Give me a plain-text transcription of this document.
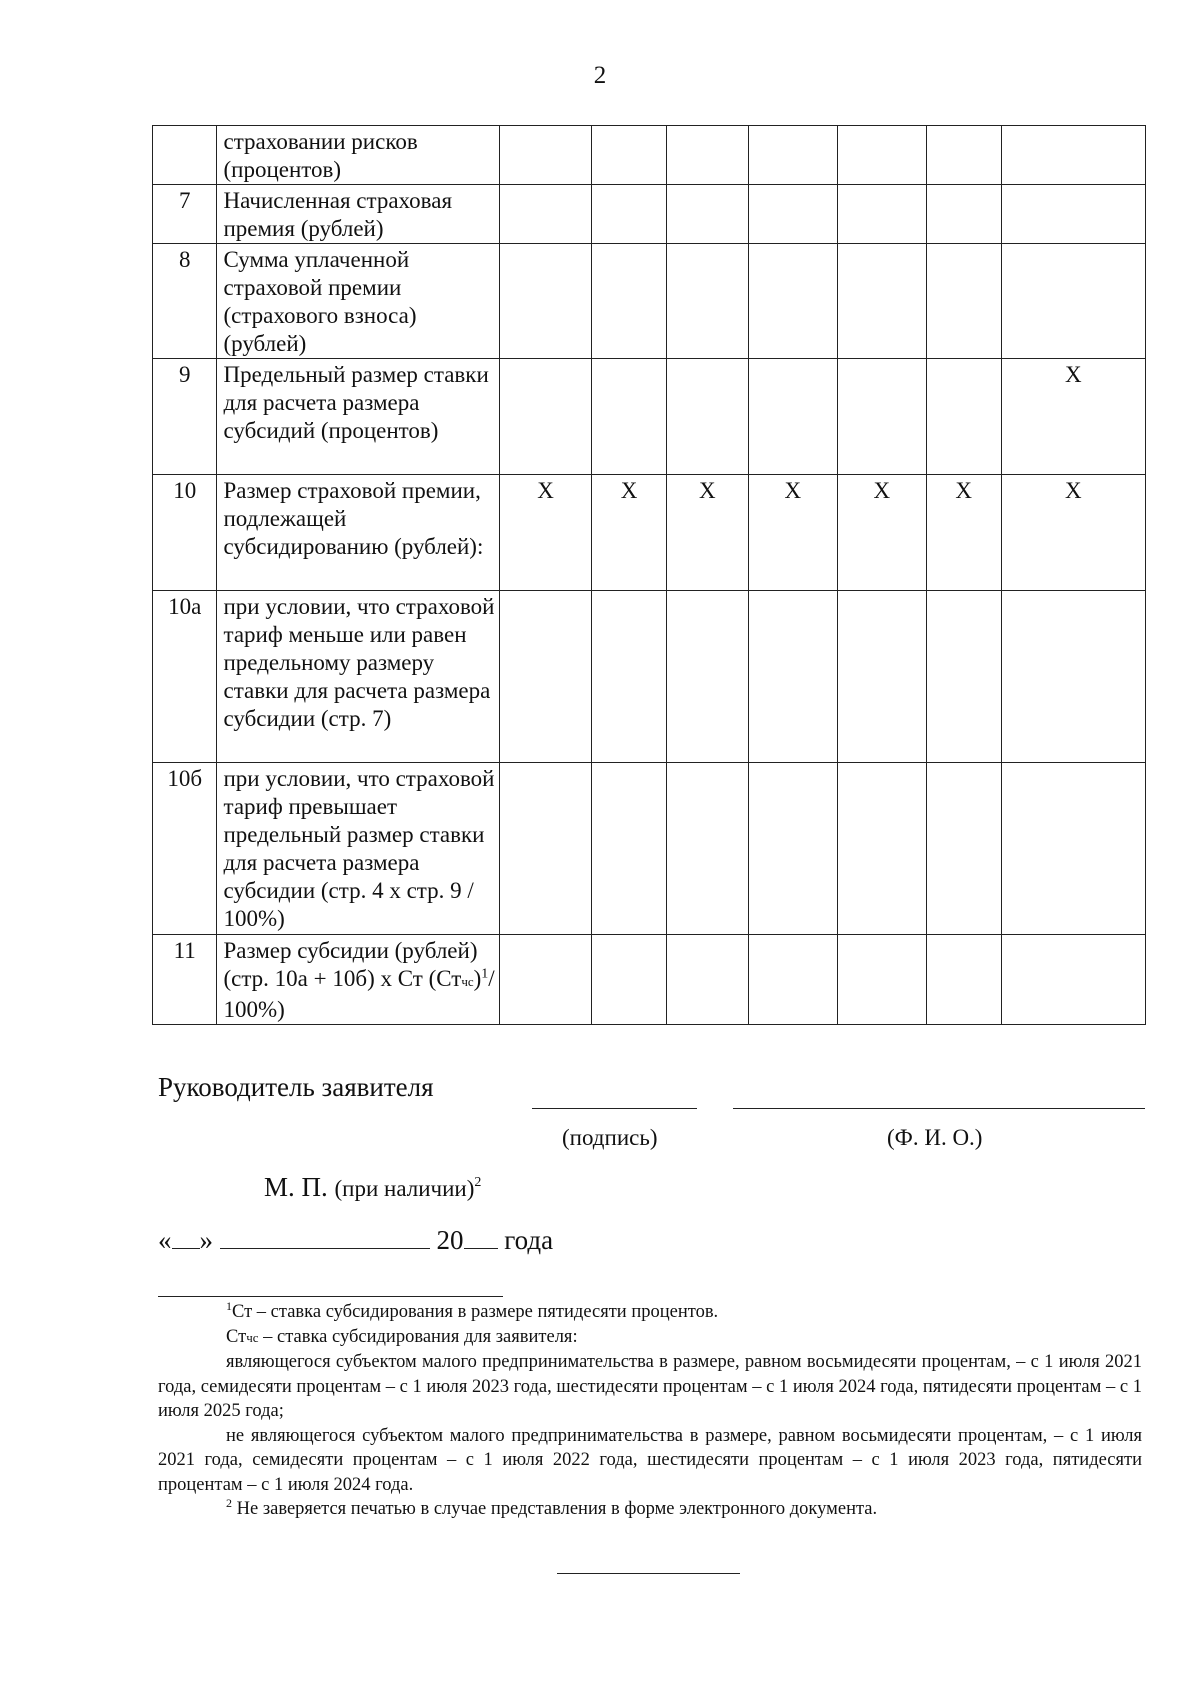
2
	страховании рисков (процентов)							
7	Начисленная страховая премия (рублей)							
8	Сумма уплаченной страховой премии (страхового взноса) (рублей)							
9	Предельный размер ставки для расчета размера субсидий (процентов)							Х
10	Размер страховой премии, подлежащей субсидированию (рублей):	Х	Х	Х	Х	Х	Х	Х
10а	при условии, что страховой тариф меньше или равен предельному размеру ставки для расчета размера субсидии (стр. 7)							
10б	при условии, что страховой тариф превышает предельный размер ставки для расчета размера субсидии (стр. 4 х стр. 9 / 100%)							
11	Размер субсидии (рублей) (стр. 10а + 10б) х Ст (Стчс)$^1$/ 100%)							
Руководитель заявителя
(подпись)	(Ф. И. О.)
М. П. (при наличии)$^2$
« »	20 года

$^1$Ст – ставка субсидирования в размере пятидесяти процентов.

Стчс – ставка субсидирования для заявителя:

являющегося субъектом малого предпринимательства в размере, равном восьмидесяти процентам, – с 1 июля 2021 года, семидесяти процентам – с 1 июля 2023 года, шестидесяти процентам – с 1 июля 2024 года, пятидесяти процентам – с 1 июля 2025 года;

не являющегося субъектом малого предпринимательства в размере, равном восьмидесяти процентам, – с 1 июля 2021 года, семидесяти процентам – с 1 июля 2022 года, шестидесяти процентам – с 1 июля 2023 года, пятидесяти процентам – с 1 июля 2024 года.

$^2$ Не заверяется печатью в случае представления в форме электронного документа.
